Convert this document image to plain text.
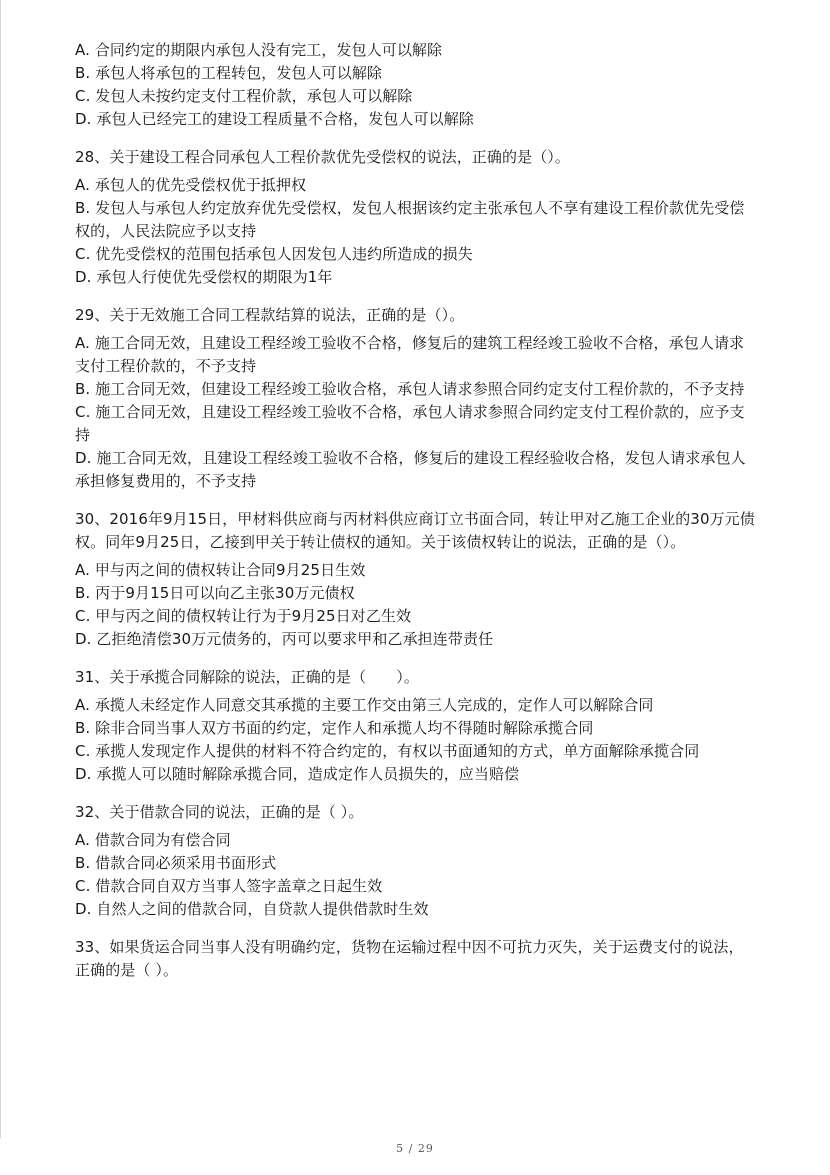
A. 合同约定的期限内承包人没有完工，发包人可以解除
B. 承包人将承包的工程转包，发包人可以解除
C. 发包人未按约定支付工程价款，承包人可以解除
D. 承包人已经完工的建设工程质量不合格，发包人可以解除
28、关于建设工程合同承包人工程价款优先受偿权的说法，正确的是（）。
A. 承包人的优先受偿权优于抵押权
B. 发包人与承包人约定放弃优先受偿权，发包人根据该约定主张承包人不享有建设工程价款优先受偿权的，人民法院应予以支持
C. 优先受偿权的范围包括承包人因发包人违约所造成的损失
D. 承包人行使优先受偿权的期限为1年
29、关于无效施工合同工程款结算的说法，正确的是（）。
A. 施工合同无效，且建设工程经竣工验收不合格，修复后的建筑工程经竣工验收不合格，承包人请求支付工程价款的，不予支持
B. 施工合同无效，但建设工程经竣工验收合格，承包人请求参照合同约定支付工程价款的，不予支持
C. 施工合同无效，且建设工程经竣工验收不合格，承包人请求参照合同约定支付工程价款的，应予支持
D. 施工合同无效，且建设工程经竣工验收不合格，修复后的建设工程经验收合格，发包人请求承包人承担修复费用的，不予支持
30、2016年9月15日，甲材料供应商与丙材料供应商订立书面合同，转让甲对乙施工企业的30万元债权。同年9月25日，乙接到甲关于转让债权的通知。关于该债权转让的说法，正确的是（）。
A. 甲与丙之间的债权转让合同9月25日生效
B. 丙于9月15日可以向乙主张30万元债权
C. 甲与丙之间的债权转让行为于9月25日对乙生效
D. 乙拒绝清偿30万元债务的，丙可以要求甲和乙承担连带责任
31、关于承揽合同解除的说法，正确的是（　　）。
A. 承揽人未经定作人同意交其承揽的主要工作交由第三人完成的，定作人可以解除合同
B. 除非合同当事人双方书面的约定，定作人和承揽人均不得随时解除承揽合同
C. 承揽人发现定作人提供的材料不符合约定的，有权以书面通知的方式，单方面解除承揽合同
D. 承揽人可以随时解除承揽合同，造成定作人员损失的，应当赔偿
32、关于借款合同的说法，正确的是（ ）。
A. 借款合同为有偿合同
B. 借款合同必须采用书面形式
C. 借款合同自双方当事人签字盖章之日起生效
D. 自然人之间的借款合同，自贷款人提供借款时生效
33、如果货运合同当事人没有明确约定，货物在运输过程中因不可抗力灭失，关于运费支付的说法，正确的是（ ）。
5 / 29
